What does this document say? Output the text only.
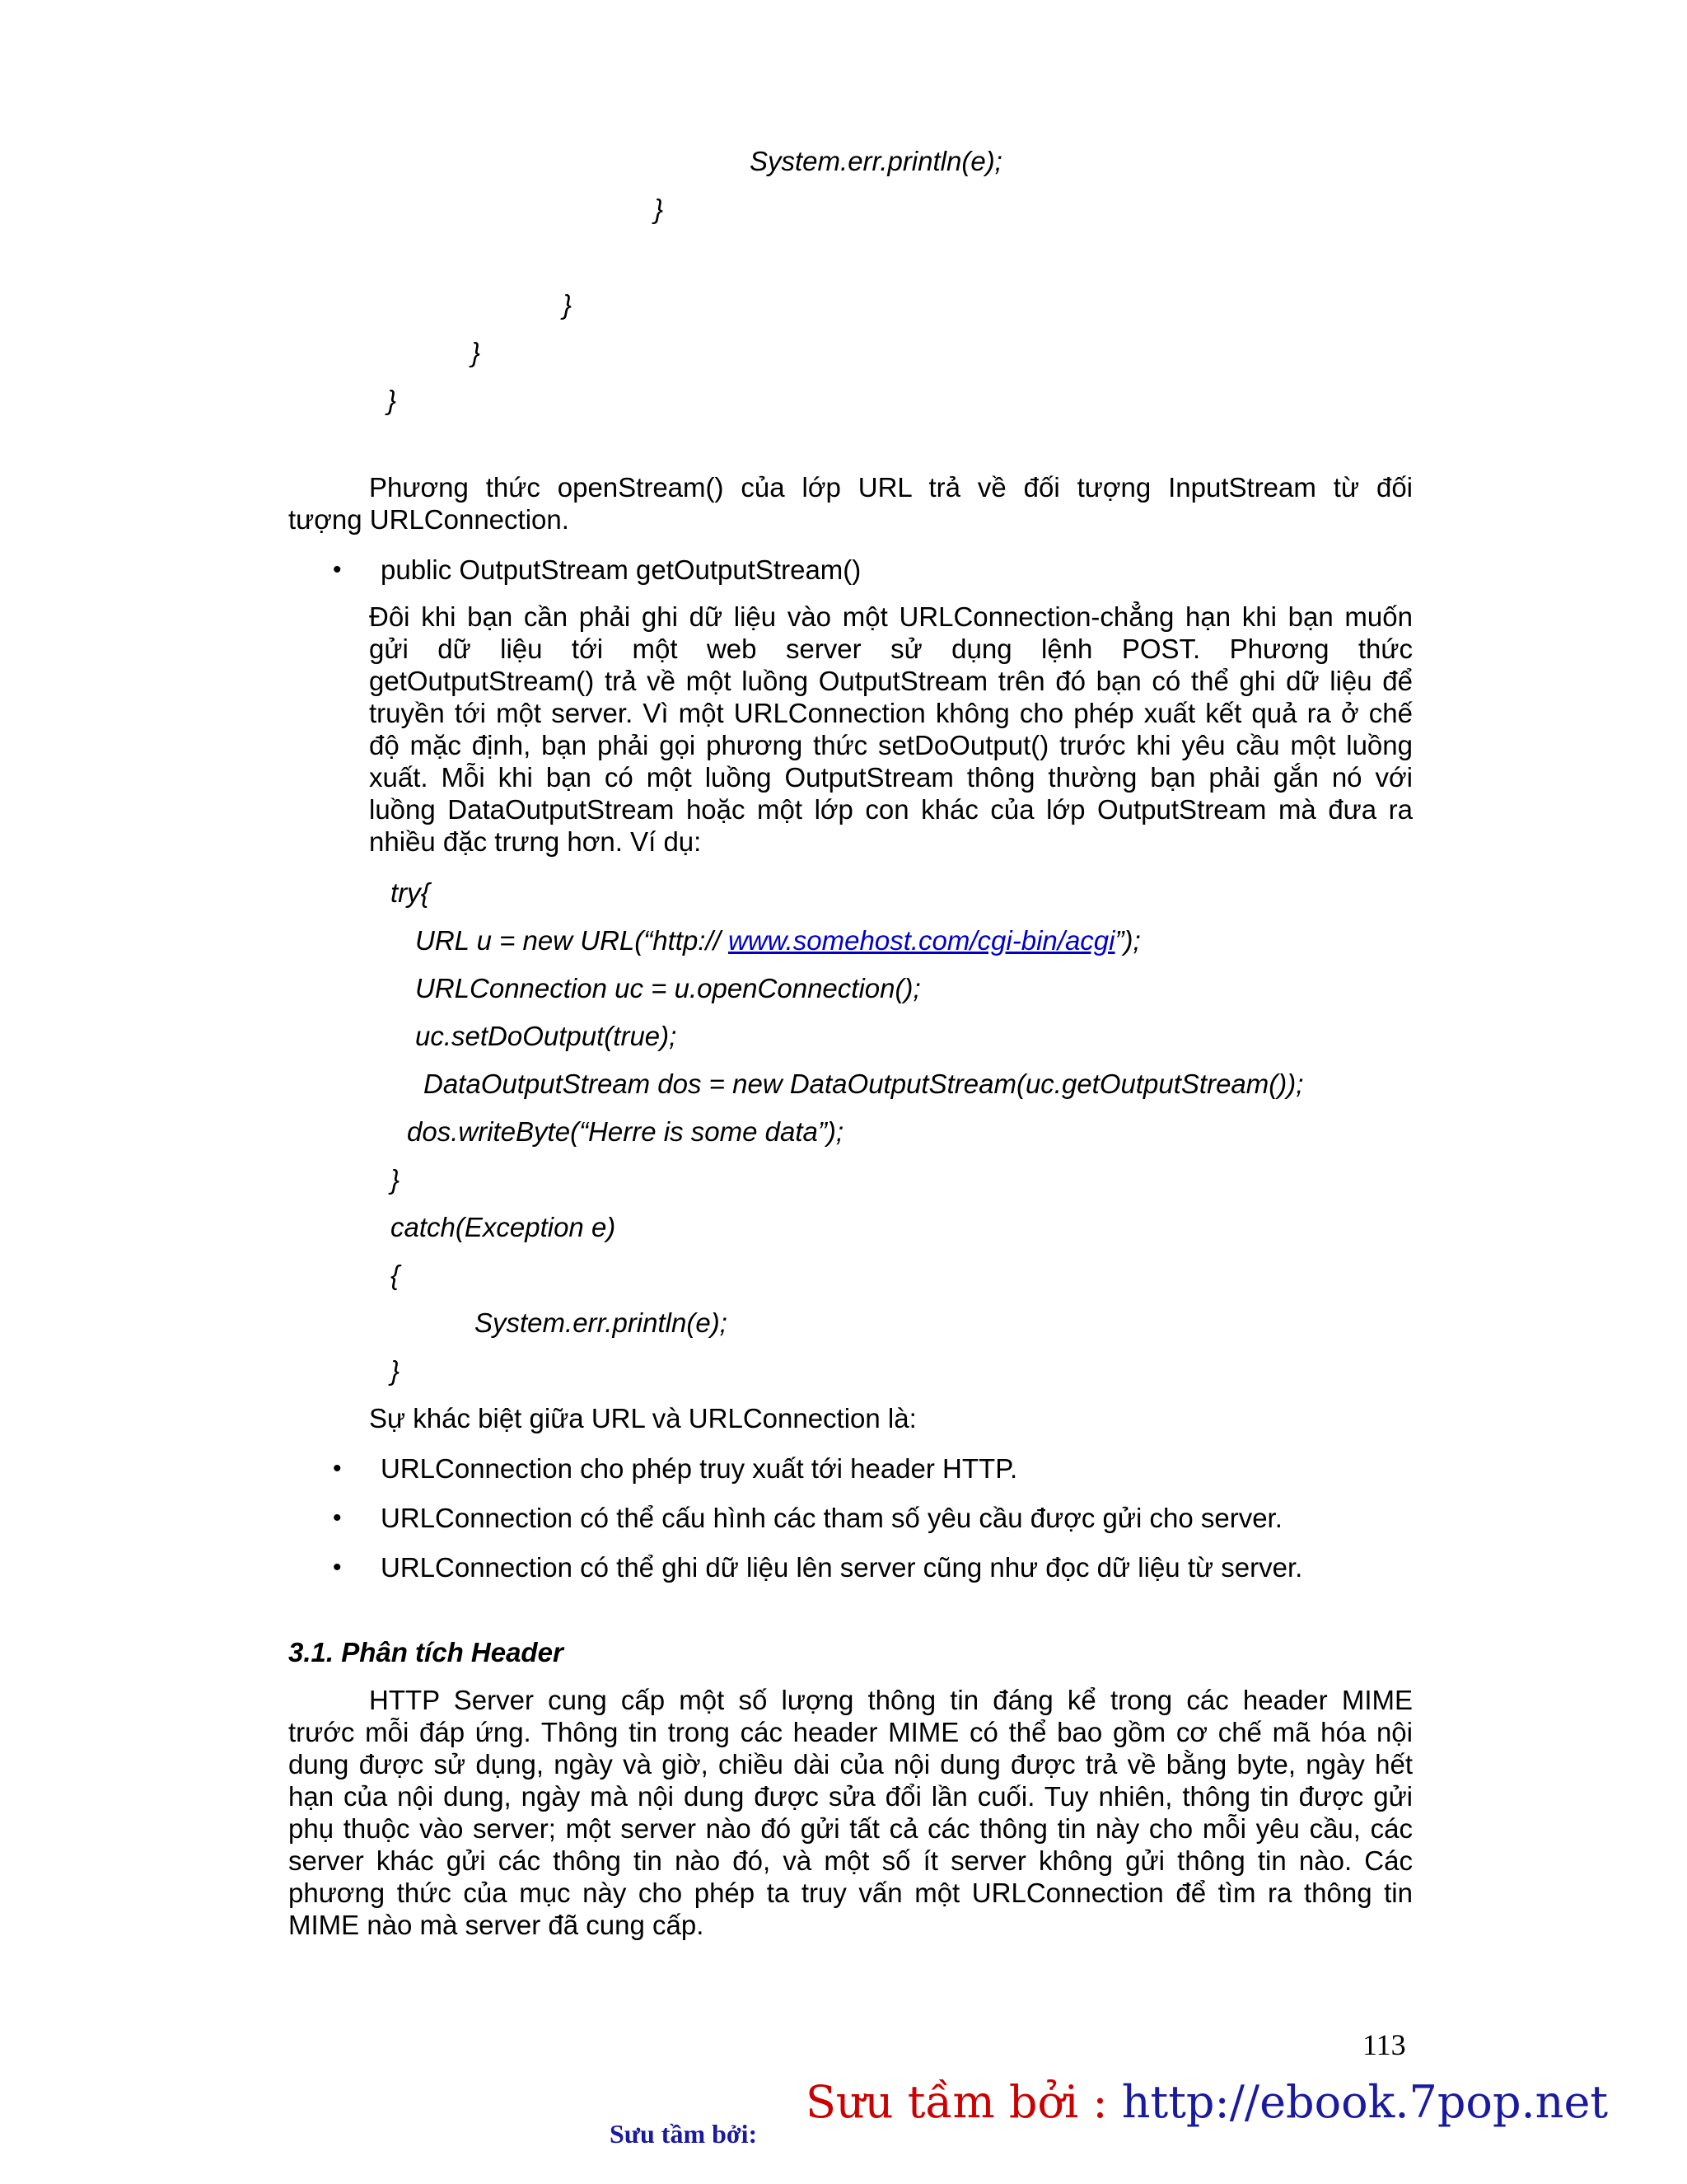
System.err.println(e);
}
}
}
}
Phương thức openStream() của lớp URL trả về đối tượng InputStream từ đối
tượng URLConnection.
• public OutputStream getOutputStream()
Đôi khi bạn cần phải ghi dữ liệu vào một URLConnection-chẳng hạn khi bạn muốn
gửi dữ liệu tới một web server sử dụng lệnh POST. Phương thức
getOutputStream() trả về một luồng OutputStream trên đó bạn có thể ghi dữ liệu để
truyền tới một server. Vì một URLConnection không cho phép xuất kết quả ra ở chế
độ mặc định, bạn phải gọi phương thức setDoOutput() trước khi yêu cầu một luồng
xuất. Mỗi khi bạn có một luồng OutputStream thông thường bạn phải gắn nó với
luồng DataOutputStream hoặc một lớp con khác của lớp OutputStream mà đưa ra
nhiều đặc trưng hơn. Ví dụ:
try{
URL u = new URL(“http:// www.somehost.com/cgi-bin/acgi”);
URLConnection uc = u.openConnection();
uc.setDoOutput(true);
DataOutputStream dos = new DataOutputStream(uc.getOutputStream());
dos.writeByte(“Herre is some data”);
}
catch(Exception e)
{
System.err.println(e);
}
Sự khác biệt giữa URL và URLConnection là:
• URLConnection cho phép truy xuất tới header HTTP.
• URLConnection có thể cấu hình các tham số yêu cầu được gửi cho server.
• URLConnection có thể ghi dữ liệu lên server cũng như đọc dữ liệu từ server.
3.1. Phân tích Header
HTTP Server cung cấp một số lượng thông tin đáng kể trong các header MIME
trước mỗi đáp ứng. Thông tin trong các header MIME có thể bao gồm cơ chế mã hóa nội
dung được sử dụng, ngày và giờ, chiều dài của nội dung được trả về bằng byte, ngày hết
hạn của nội dung, ngày mà nội dung được sửa đổi lần cuối. Tuy nhiên, thông tin được gửi
phụ thuộc vào server; một server nào đó gửi tất cả các thông tin này cho mỗi yêu cầu, các
server khác gửi các thông tin nào đó, và một số ít server không gửi thông tin nào. Các
phương thức của mục này cho phép ta truy vấn một URLConnection để tìm ra thông tin
MIME nào mà server đã cung cấp.
113
Sưu tầm bởi : http://ebook.7pop.net
Sưu tầm bởi:
